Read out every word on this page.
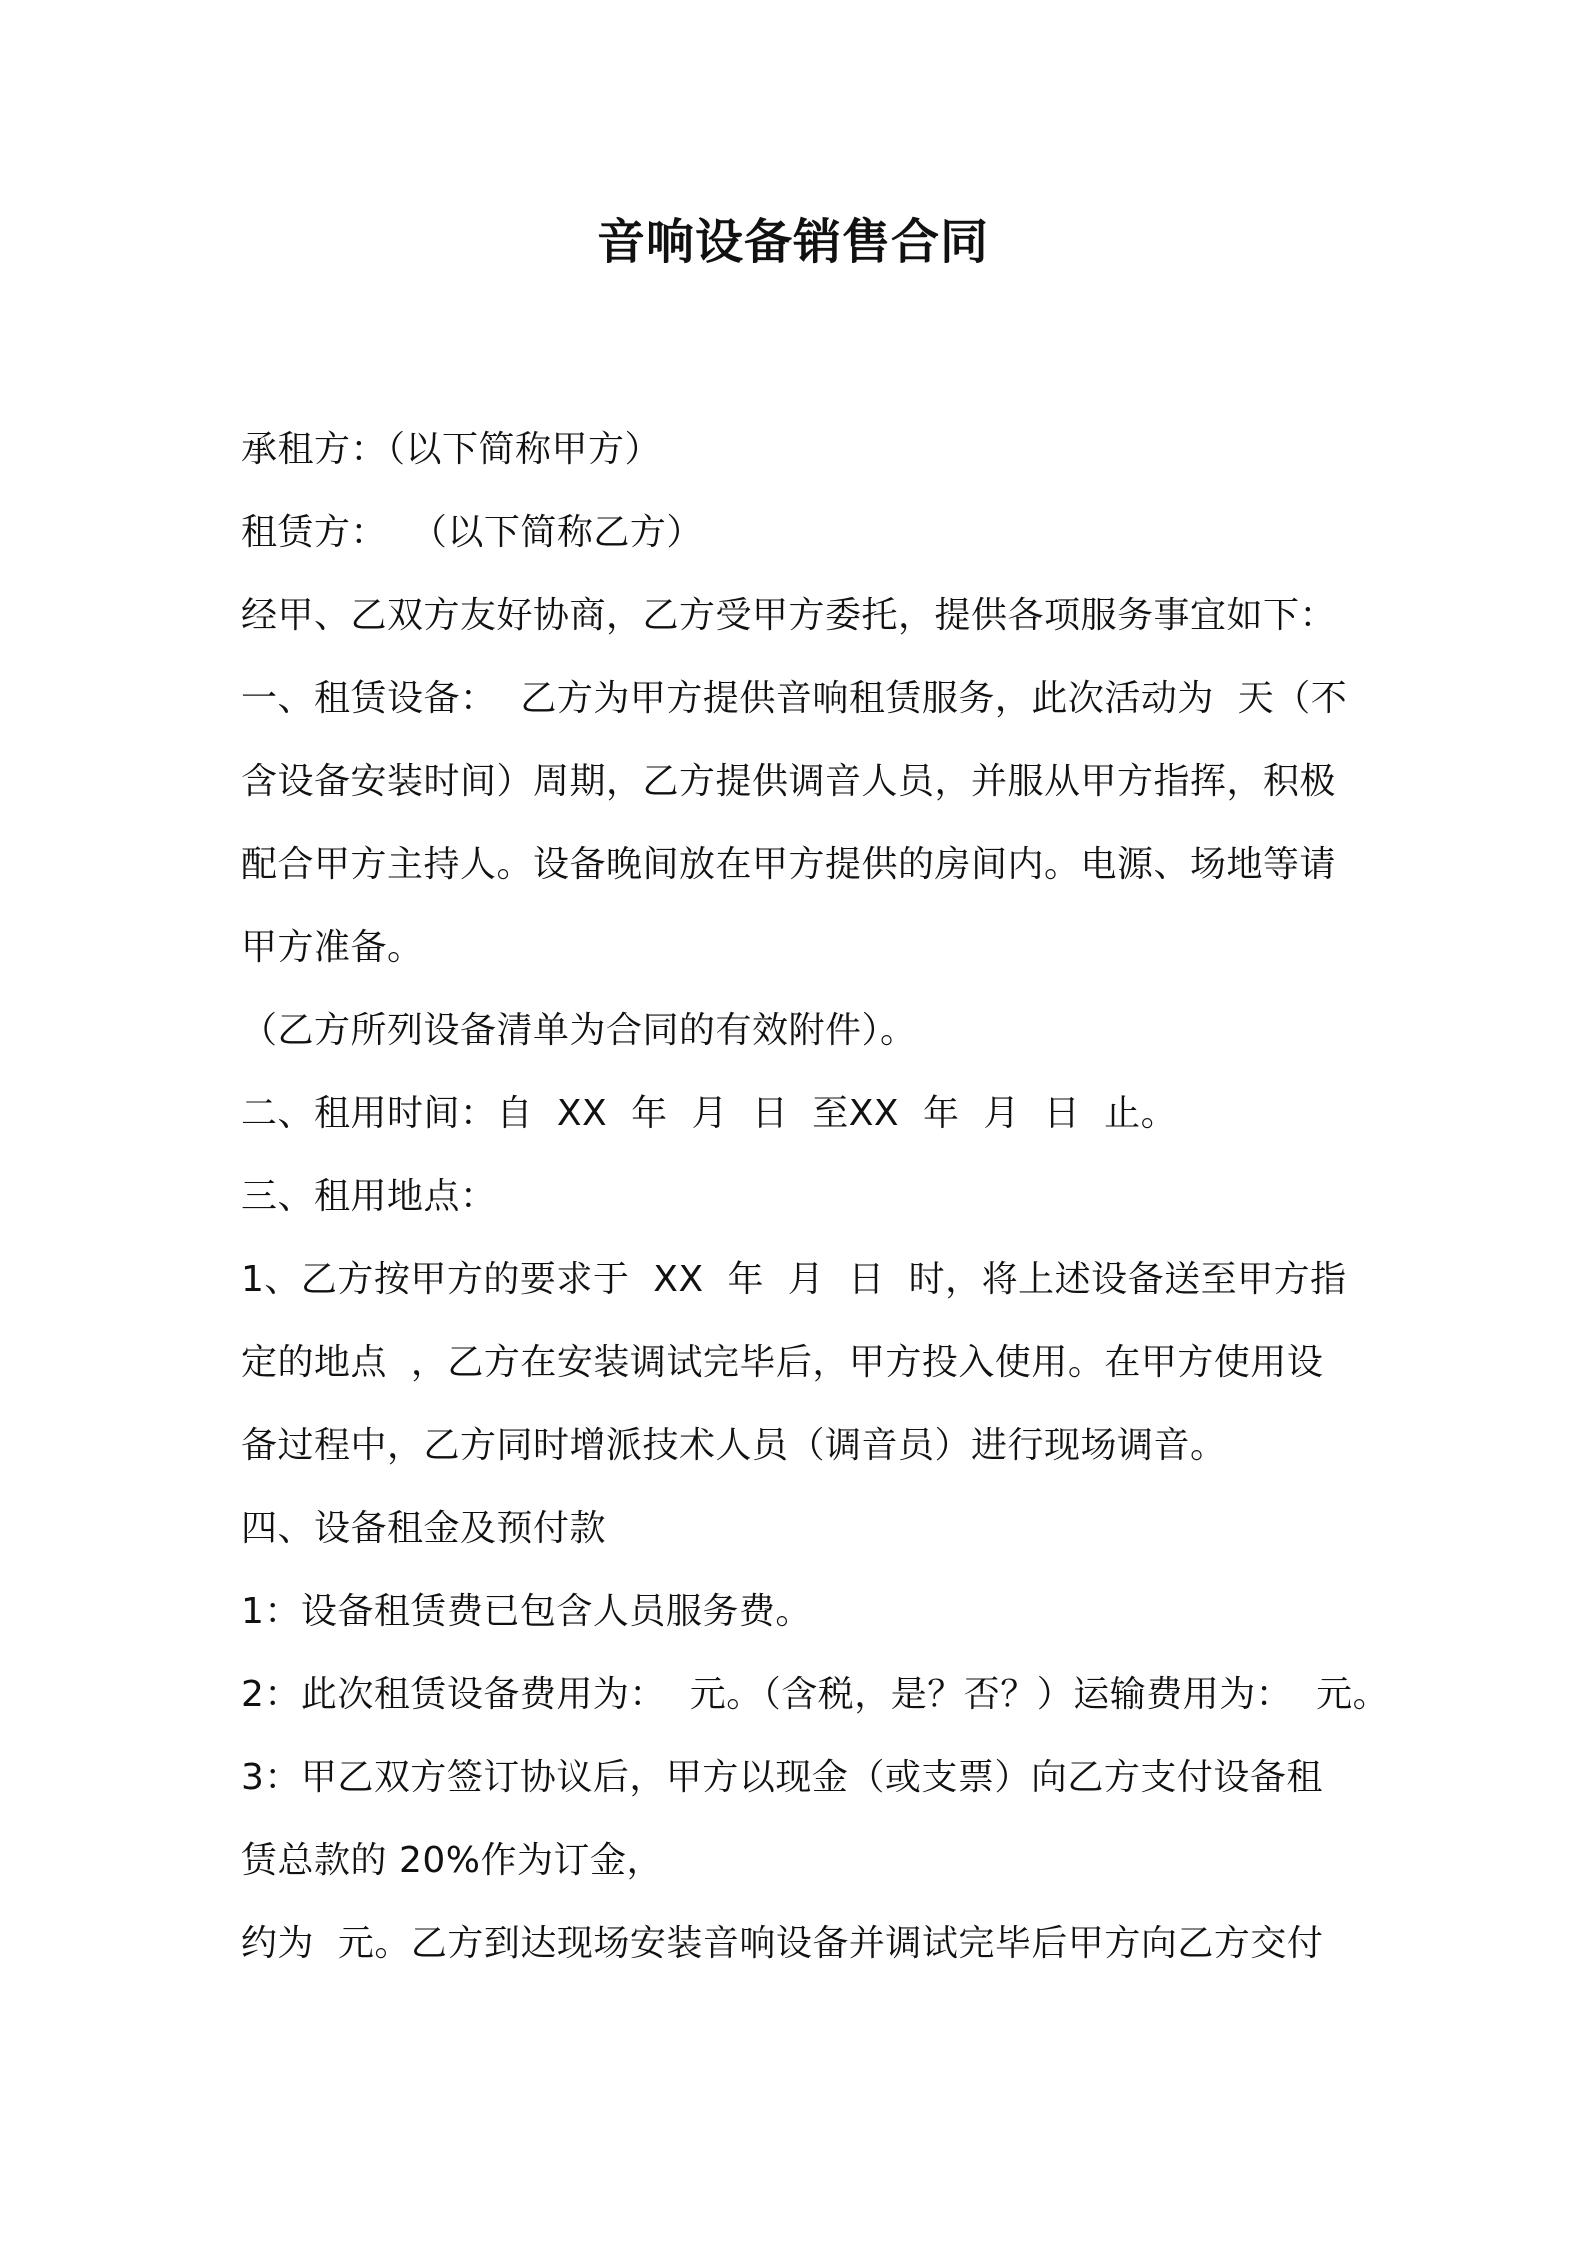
音响设备销售合同
承租方：（以下简称甲方）
租赁方：  （以下简称乙方）
经甲、乙双方友好协商，乙方受甲方委托，提供各项服务事宜如下：
一、租赁设备：  乙方为甲方提供音响租赁服务，此次活动为  天（不
含设备安装时间）周期，乙方提供调音人员，并服从甲方指挥，积极
配合甲方主持人。设备晚间放在甲方提供的房间内。电源、场地等请
甲方准备。
（乙方所列设备清单为合同的有效附件）。
二、租用时间：自  XX  年  月  日  至XX  年  月  日  止。
三、租用地点：
1、乙方按甲方的要求于  XX  年  月  日  时，将上述设备送至甲方指
定的地点  ，乙方在安装调试完毕后，甲方投入使用。在甲方使用设
备过程中，乙方同时增派技术人员（调音员）进行现场调音。
四、设备租金及预付款
1：设备租赁费已包含人员服务费。
2：此次租赁设备费用为：  元。（含税，是？否？）运输费用为：  元。
3：甲乙双方签订协议后，甲方以现金（或支票）向乙方支付设备租
赁总款的 20%作为订金，
约为  元。乙方到达现场安装音响设备并调试完毕后甲方向乙方交付
